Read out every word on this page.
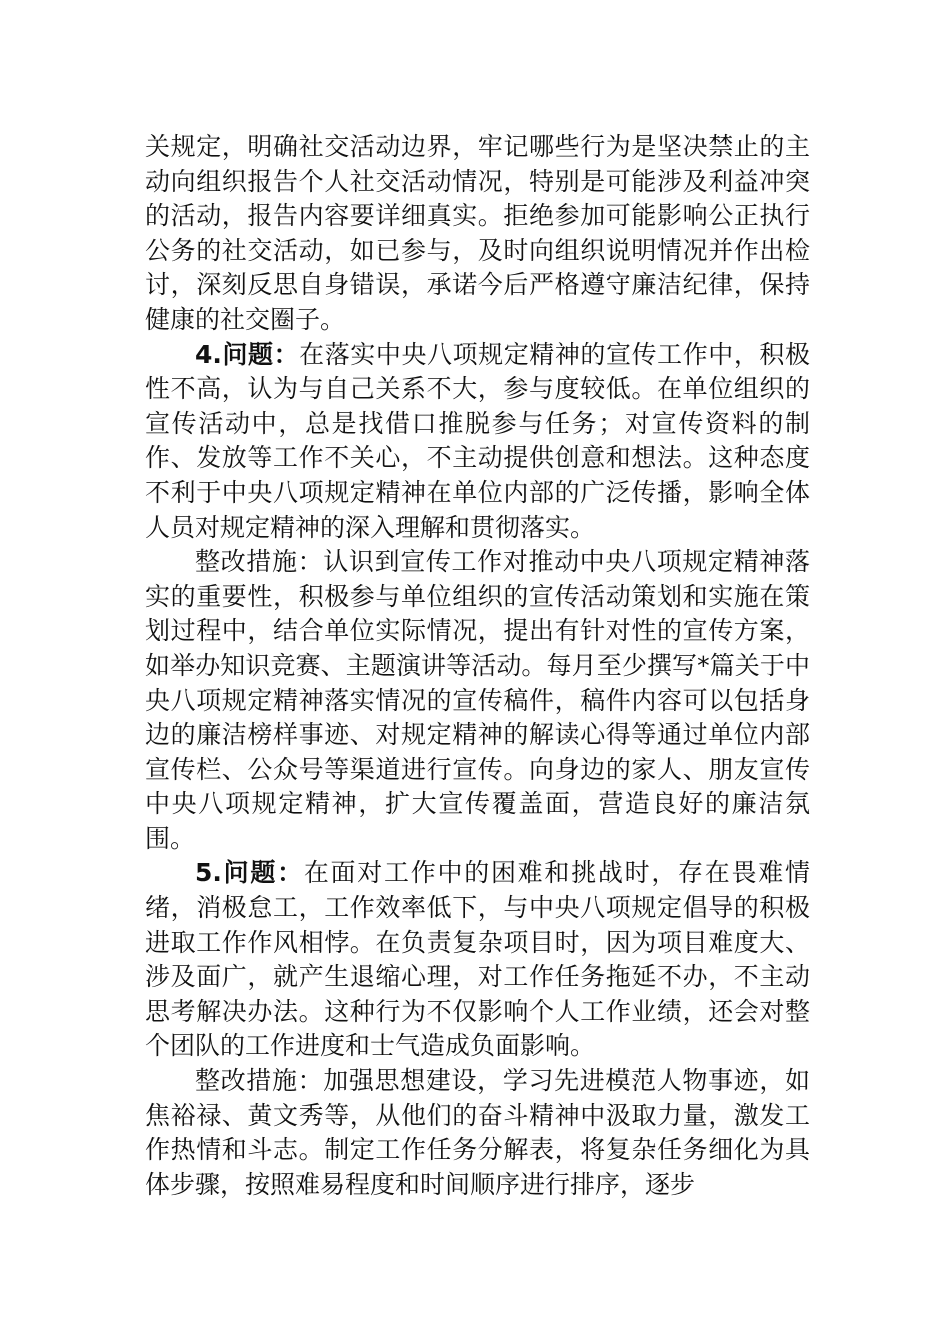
关规定，明确社交活动边界，牢记哪些行为是坚决禁止的主动向组织报告个人社交活动情况，特别是可能涉及利益冲突的活动，报告内容要详细真实。拒绝参加可能影响公正执行公务的社交活动，如已参与，及时向组织说明情况并作出检讨，深刻反思自身错误，承诺今后严格遵守廉洁纪律，保持健康的社交圈子。

4.问题：在落实中央八项规定精神的宣传工作中，积极性不高，认为与自己关系不大，参与度较低。在单位组织的宣传活动中，总是找借口推脱参与任务；对宣传资料的制作、发放等工作不关心，不主动提供创意和想法。这种态度不利于中央八项规定精神在单位内部的广泛传播，影响全体人员对规定精神的深入理解和贯彻落实。

整改措施：认识到宣传工作对推动中央八项规定精神落实的重要性，积极参与单位组织的宣传活动策划和实施在策划过程中，结合单位实际情况，提出有针对性的宣传方案，如举办知识竞赛、主题演讲等活动。每月至少撰写*篇关于中央八项规定精神落实情况的宣传稿件，稿件内容可以包括身边的廉洁榜样事迹、对规定精神的解读心得等通过单位内部宣传栏、公众号等渠道进行宣传。向身边的家人、朋友宣传中央八项规定精神，扩大宣传覆盖面，营造良好的廉洁氛围。

5.问题：在面对工作中的困难和挑战时，存在畏难情绪，消极怠工，工作效率低下，与中央八项规定倡导的积极进取工作作风相悖。在负责复杂项目时，因为项目难度大、涉及面广，就产生退缩心理，对工作任务拖延不办，不主动思考解决办法。这种行为不仅影响个人工作业绩，还会对整个团队的工作进度和士气造成负面影响。

整改措施：加强思想建设，学习先进模范人物事迹，如焦裕禄、黄文秀等，从他们的奋斗精神中汲取力量，激发工作热情和斗志。制定工作任务分解表，将复杂任务细化为具体步骤，按照难易程度和时间顺序进行排序，逐步
